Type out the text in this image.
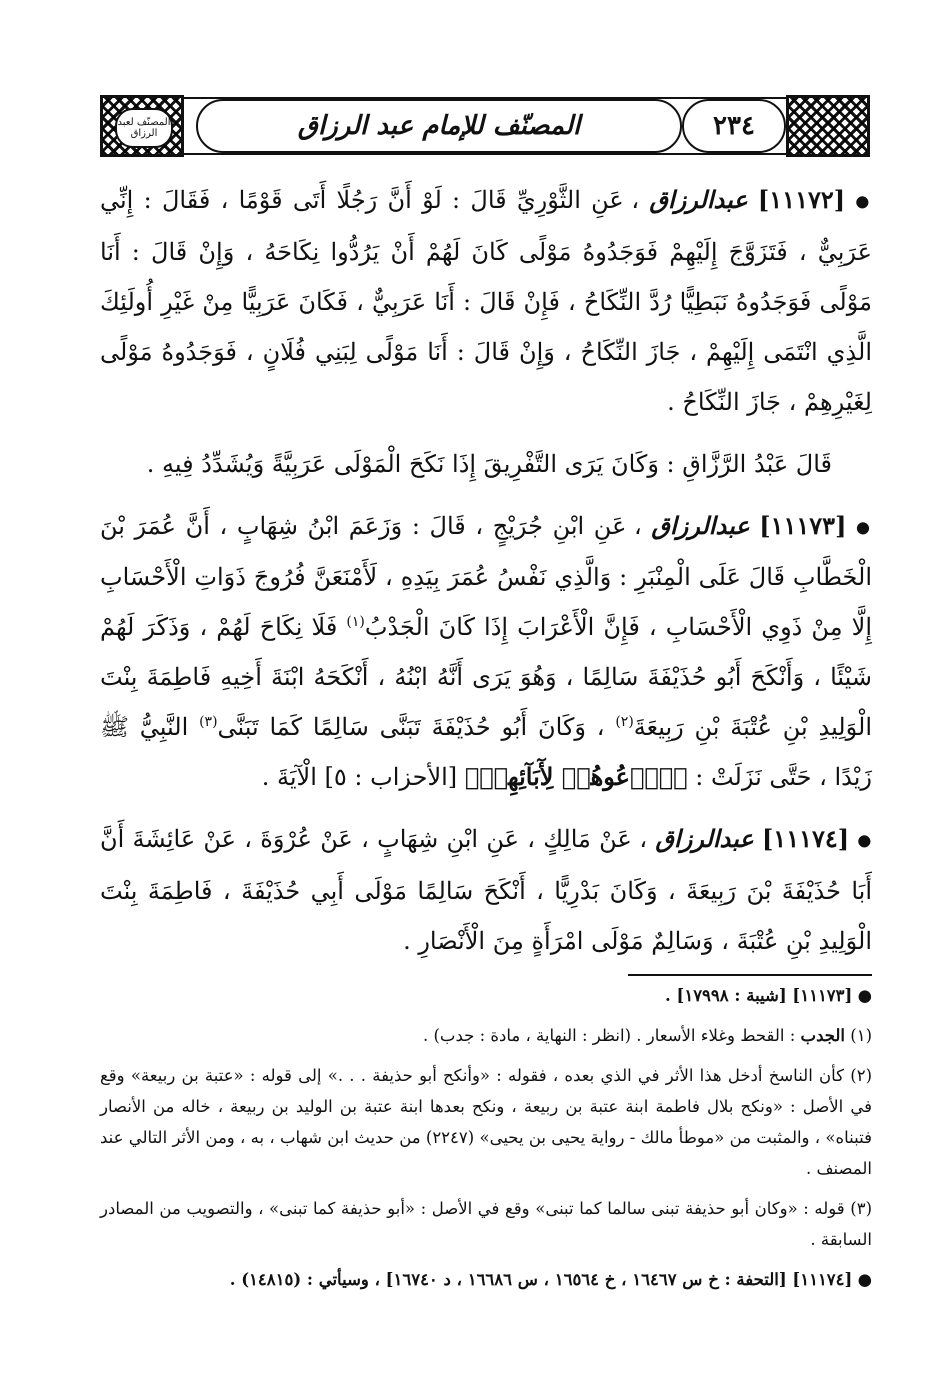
المصنّف لعبد الرزاق	المصنّف للإمام عبد الرزاق	٢٣٤

● [١١١٧٢] عبدالرزاق ، عَنِ الثَّوْرِيِّ قَالَ : لَوْ أَنَّ رَجُلًا أَتَى قَوْمًا ، فَقَالَ : إِنِّي عَرَبِيٌّ ، فَتَزَوَّجَ إِلَيْهِمْ فَوَجَدُوهُ مَوْلًى كَانَ لَهُمْ أَنْ يَرُدُّوا نِكَاحَهُ ، وَإِنْ قَالَ : أَنَا مَوْلًى فَوَجَدُوهُ نَبَطِيًّا رُدَّ النِّكَاحُ ، فَإِنْ قَالَ : أَنَا عَرَبِيٌّ ، فَكَانَ عَرَبِيًّا مِنْ غَيْرِ أُولَئِكَ الَّذِي انْتَمَى إِلَيْهِمْ ، جَازَ النِّكَاحُ ، وَإِنْ قَالَ : أَنَا مَوْلًى لِبَنِي فُلَانٍ ، فَوَجَدُوهُ مَوْلًى لِغَيْرِهِمْ ، جَازَ النِّكَاحُ .

قَالَ عَبْدُ الرَّزَّاقِ : وَكَانَ يَرَى التَّفْرِيقَ إِذَا نَكَحَ الْمَوْلَى عَرَبِيَّةً وَيُشَدِّدُ فِيهِ .

● [١١١٧٣] عبدالرزاق ، عَنِ ابْنِ جُرَيْجٍ ، قَالَ : وَزَعَمَ ابْنُ شِهَابٍ ، أَنَّ عُمَرَ بْنَ الْخَطَّابِ قَالَ عَلَى الْمِنْبَرِ : وَالَّذِي نَفْسُ عُمَرَ بِيَدِهِ ، لَأَمْنَعَنَّ فُرُوجَ ذَوَاتِ الْأَحْسَابِ إِلَّا مِنْ ذَوِي الْأَحْسَابِ ، فَإِنَّ الْأَعْرَابَ إِذَا كَانَ الْجَدْبُ$^{(١)}$ فَلَا نِكَاحَ لَهُمْ ، وَذَكَرَ لَهُمْ شَيْئًا ، وَأَنْكَحَ أَبُو حُذَيْفَةَ سَالِمًا ، وَهُوَ يَرَى أَنَّهُ ابْنُهُ ، أَنْكَحَهُ ابْنَةَ أَخِيهِ فَاطِمَةَ بِنْتَ الْوَلِيدِ بْنِ عُتْبَةَ بْنِ رَبِيعَةَ$^{(٢)}$ ، وَكَانَ أَبُو حُذَيْفَةَ تَبَنَّى سَالِمًا كَمَا تَبَنَّى$^{(٣)}$ النَّبِيُّ ﷺ زَيْدًا ، حَتَّى نَزَلَتْ : ﴿ٱدۡعُوهُمۡ لِأٓبَآئِهِمۡ﴾ [الأحزاب : ٥] الْآيَةَ .

● [١١١٧٤] عبدالرزاق ، عَنْ مَالِكٍ ، عَنِ ابْنِ شِهَابٍ ، عَنْ عُرْوَةَ ، عَنْ عَائِشَةَ أَنَّ أَبَا حُذَيْفَةَ بْنَ رَبِيعَةَ ، وَكَانَ بَدْرِيًّا ، أَنْكَحَ سَالِمًا مَوْلَى أَبِي حُذَيْفَةَ ، فَاطِمَةَ بِنْتَ الْوَلِيدِ بْنِ عُتْبَةَ ، وَسَالِمٌ مَوْلَى امْرَأَةٍ مِنَ الْأَنْصَارِ .

● [١١١٧٣] [شيبة : ١٧٩٩٨] .

(١) الجدب : القحط وغلاء الأسعار . (انظر : النهاية ، مادة : جدب) .

(٢) كأن الناسخ أدخل هذا الأثر في الذي بعده ، فقوله : «وأنكح أبو حذيفة . . .» إلى قوله : «عتبة بن ربيعة» وقع في الأصل : «ونكح بلال فاطمة ابنة عتبة بن ربيعة ، ونكح بعدها ابنة عتبة بن الوليد بن ربيعة ، خاله من الأنصار فتبناه» ، والمثبت من «موطأ مالك - رواية يحيى بن يحيى» (٢٢٤٧) من حديث ابن شهاب ، به ، ومن الأثر التالي عند المصنف .

(٣) قوله : «وكان أبو حذيفة تبنى سالما كما تبنى» وقع في الأصل : «أبو حذيفة كما تبنى» ، والتصويب من المصادر السابقة .

● [١١١٧٤] [التحفة : خ س ١٦٤٦٧ ، خ ١٦٥٦٤ ، س ١٦٦٨٦ ، د ١٦٧٤٠] ، وسيأتي : (١٤٨١٥) .
